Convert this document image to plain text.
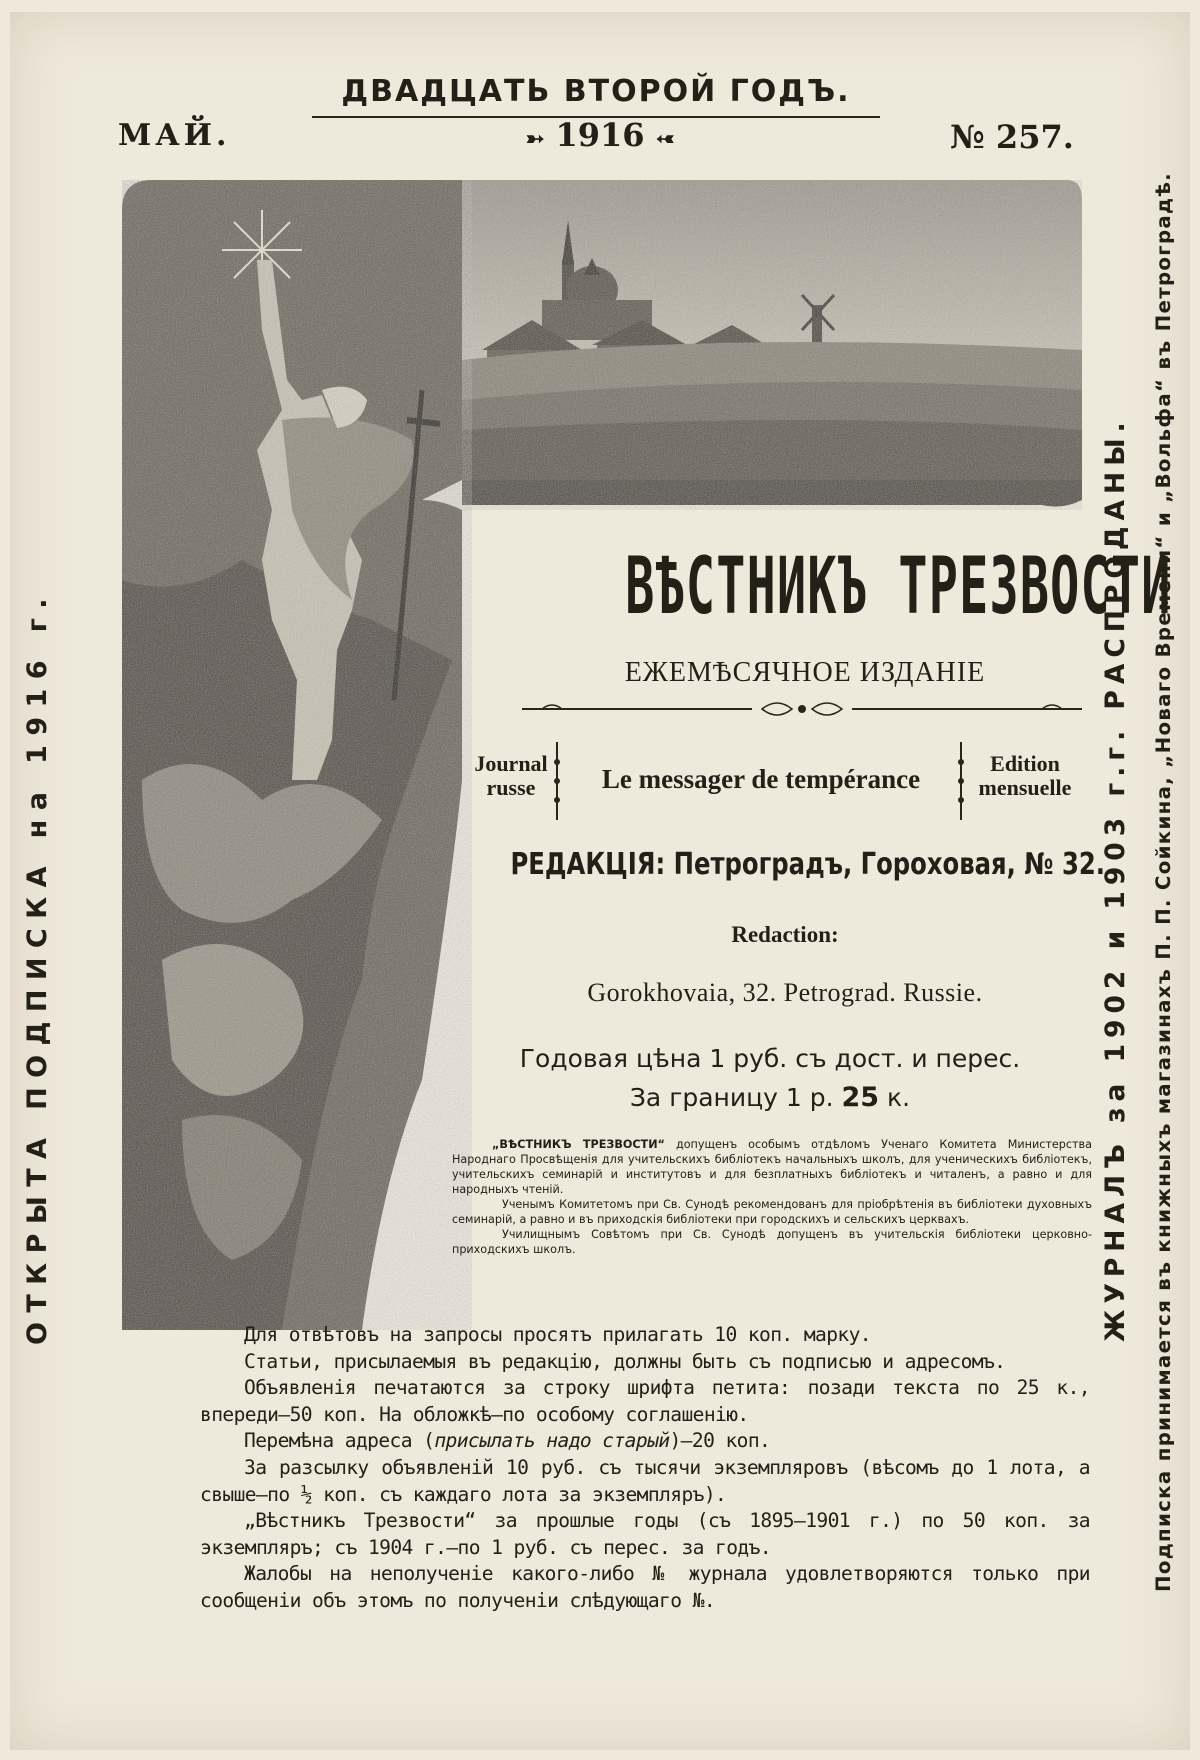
ДВАДЦАТЬ ВТОРОЙ ГОДЪ.
МАЙ.	➳ 1916 ➳	№ 257.
ВѢСТНИКЪ ТРЕЗВОСТИ
ЕЖЕМѢСЯЧНОЕ ИЗДАНІЕ
Journal
russe	Le messager de tempérance
Edition
mensuelle
РЕДАКЦІЯ: Петроградъ, Гороховая, № 32.
Redaction:
Gorokhovaia, 32. Petrograd. Russie.
Годовая цѣна 1 руб. съ дост. и перес.
За границу 1 р. 25 к.

„ВѢСТНИКЪ ТРЕЗВОСТИ“ допущенъ особымъ отдѣломъ Ученаго Комитета Министерства Народнаго Просвѣщенія для учительскихъ библіотекъ начальныхъ школъ, для ученическихъ библіотекъ, учительскихъ семинарій и институтовъ и для безплатныхъ библіотекъ и читаленъ, а равно и для народныхъ чтеній.

Ученымъ Комитетомъ при Св. Сунодѣ рекомендованъ для пріобрѣтенія въ библіотеки духовныхъ семинарій, а равно и въ приходскія библіотеки при городскихъ и сельскихъ церквахъ.

Училищнымъ Совѣтомъ при Св. Сунодѣ допущенъ въ учительскія библіотеки церковно-приходскихъ школъ.

Для отвѣтовъ на запросы просятъ прилагать 10 коп. марку.

Статьи, присылаемыя въ редакцію, должны быть съ подписью и адресомъ.

Объявленія печатаются за строку шрифта петита: позади текста по 25 к., впереди—50 коп. На обложкѣ—по особому соглашенію.

Перемѣна адреса (присылать надо старый)—20 коп.

За разсылку объявленій 10 руб. съ тысячи экземпляровъ (вѣсомъ до 1 лота, а свыше—по ½ коп. съ каждаго лота за экземпляръ).

„Вѣстникъ Трезвости“ за прошлые годы (съ 1895—1901 г.) по 50 коп. за экземпляръ; съ 1904 г.—по 1 руб. съ перес. за годъ.

Жалобы на неполученіе какого-либо № журнала удовлетворяются только при сообщеніи объ этомъ по полученіи слѣдующаго №.

ОТКРЫТА ПОДПИСКА на 1916 г.	ЖУРНАЛЪ за 1902 и 1903 г.г. РАСПРОДАНЫ. Подписка принимается въ книжныхъ магазинахъ П. П. Сойкина, „Новаго Времени“ и „Вольфа“ въ Петроградѣ.
